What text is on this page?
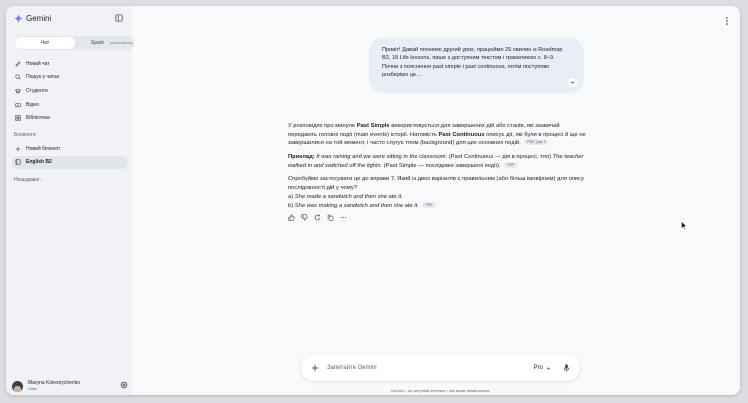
Gemini
Чат	Spark EXPERIMENTAL
Новий чат
Пошук у чатах
Студенти
Відео
Бібліотека
Блокноти
Новий блокнот
English B2
Нещодавні ›
Maryna Kolesnychenko
Ultra
Привіт! Давай почнемо другий урок, працюймо 25 хвилин із Roadmap B2, 18 Life lessons, пише з доступним текстом і граматикою с. 8–9. Почни з пояснення past simple і past continuous, потім поступово розберімо це…

У розповідях про минуле Past Simple використовується для завершених дій або станів, які зазвичай передають головні події (main events) історії. Натомість Past Continuous описує дії, які були в процесі й ще не завершилися на той момент, і часто слугує тлом (background) для цих основних подій. PDF | ще 1

Приклад: It was raining and we were sitting in the classroom. (Past Continuous — дія в процесі, тло) The teacher walked in and switched off the lights. (Past Simple — послідовні завершені події). PDF

Спробуймо застосувати це до вправи 7. Який із двох варіантів є правильним (або більш імовірним) для опису послідовності дій у чому?
a) She made a sandwich and then she ate it.
b) She was making a sandwich and then she ate it. PDF

Запитайте Gemini	Pro
Gemini – це штучний інтелект, і він може помилятися.
